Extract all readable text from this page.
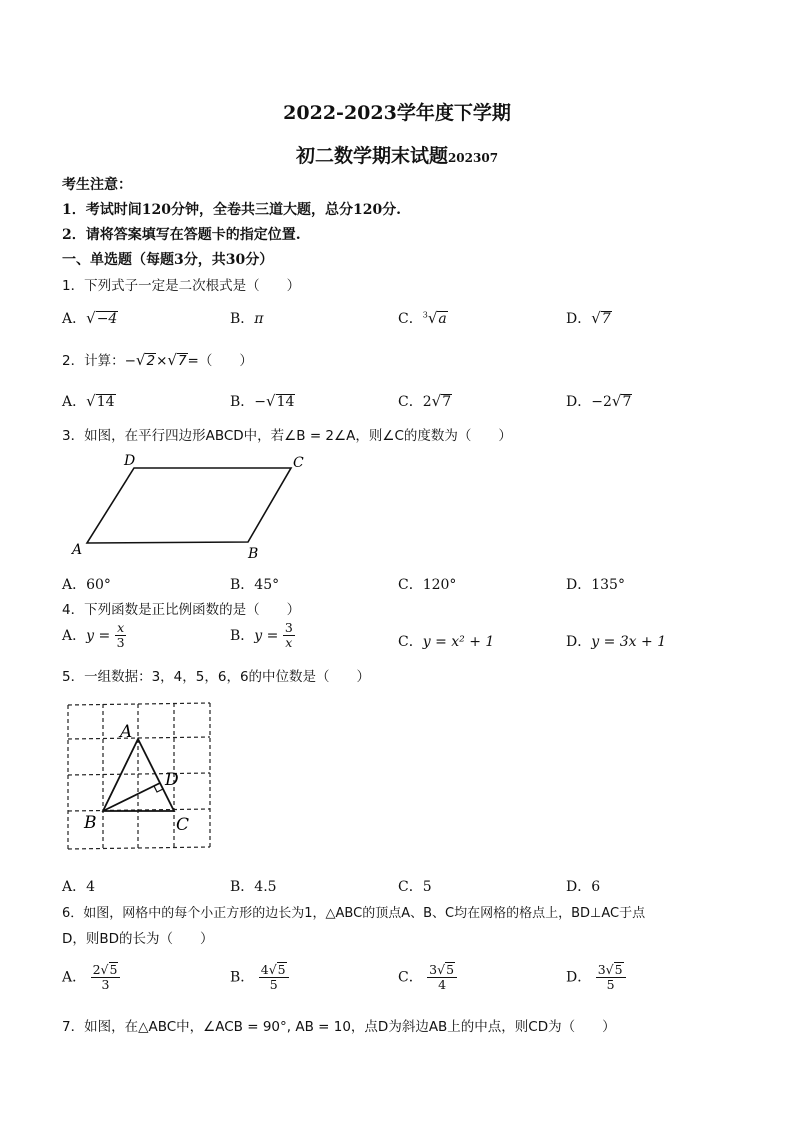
2022-2023学年度下学期
初二数学期末试题202307
考生注意：
1．考试时间120分钟，全卷共三道大题，总分120分.
2．请将答案填写在答题卡的指定位置.
一、单选题（每题3分，共30分）
1．下列式子一定是二次根式是（　　）
A．√−4	B．π	C．$^3$√a	D．√7
2．计算：−√2×√7=（　　）
A．√14	B．−√14	C．2√7	D．−2√7
3．如图，在平行四边形ABCD中，若∠B = 2∠A，则∠C的度数为（　　）
A	B
C
D
A．60°	B．45°	C．120°	D．135°
4．下列函数是正比例函数的是（　　）
A．$y = \frac{x}{3}$	B．$y = \frac{3}{x}$	C．y = x² + 1	D．y = 3x + 1
5．一组数据：3，4，5，6，6的中位数是（　　）
A
B	C
D
A．4	B．4.5	C．5	D．6
6．如图，网格中的每个小正方形的边长为1，△ABC的顶点A、B、C均在网格的格点上，BD⊥AC于点
D，则BD的长为（　　）
A． $\frac{2√5}{3}$	B． $\frac{4√5}{5}$	C． $\frac{3√5}{4}$	D． $\frac{3√5}{5}$
7．如图，在△ABC中，∠ACB = 90°, AB = 10，点D为斜边AB上的中点，则CD为（　　）
